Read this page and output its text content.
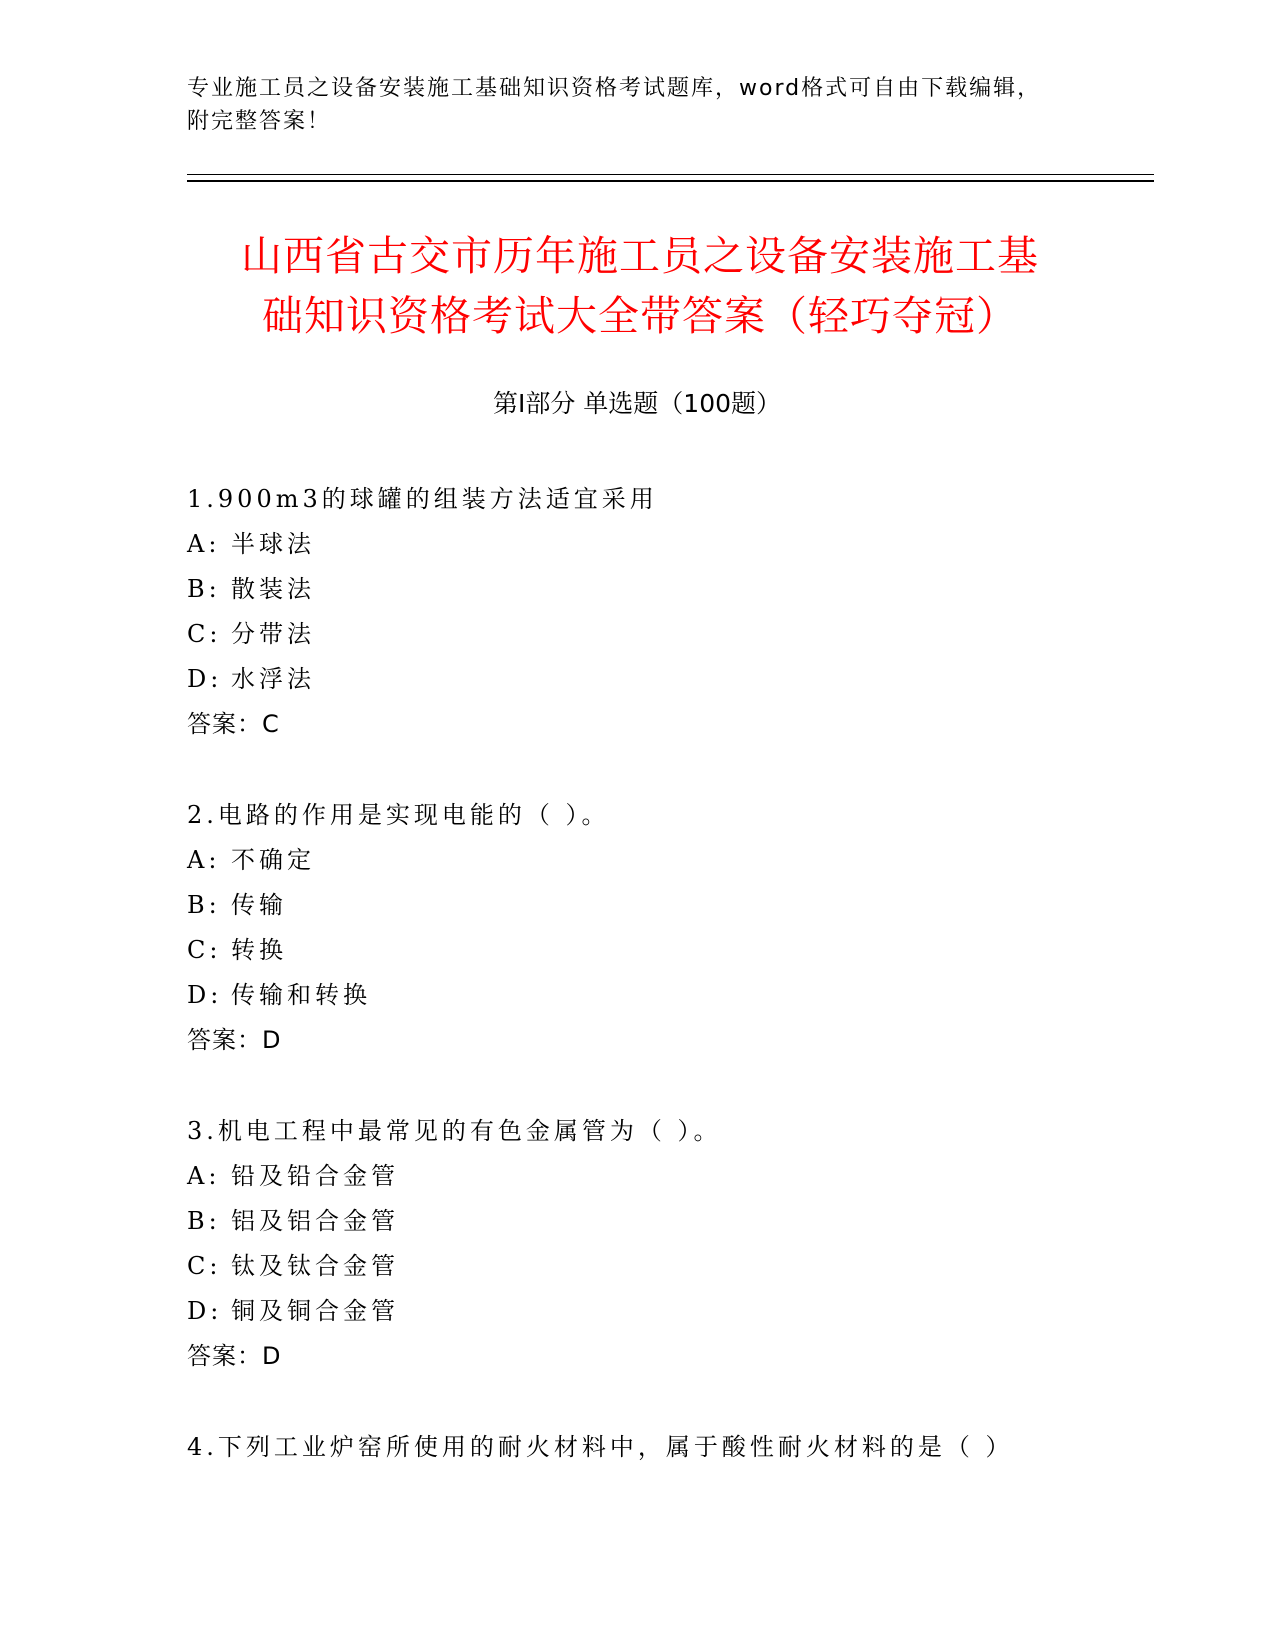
专业施工员之设备安装施工基础知识资格考试题库，word格式可自由下载编辑，
附完整答案！
山西省古交市历年施工员之设备安装施工基
础知识资格考试大全带答案（轻巧夺冠）
第Ⅰ部分 单选题（100题）
1.900m3的球罐的组装方法适宜采用
A: 半球法
B: 散装法
C: 分带法
D: 水浮法
答案：C
2.电路的作用是实现电能的（ ）。
A: 不确定
B: 传输
C: 转换
D: 传输和转换
答案：D
3.机电工程中最常见的有色金属管为（ ）。
A: 铅及铅合金管
B: 铝及铝合金管
C: 钛及钛合金管
D: 铜及铜合金管
答案：D
4.下列工业炉窑所使用的耐火材料中，属于酸性耐火材料的是（ ）
